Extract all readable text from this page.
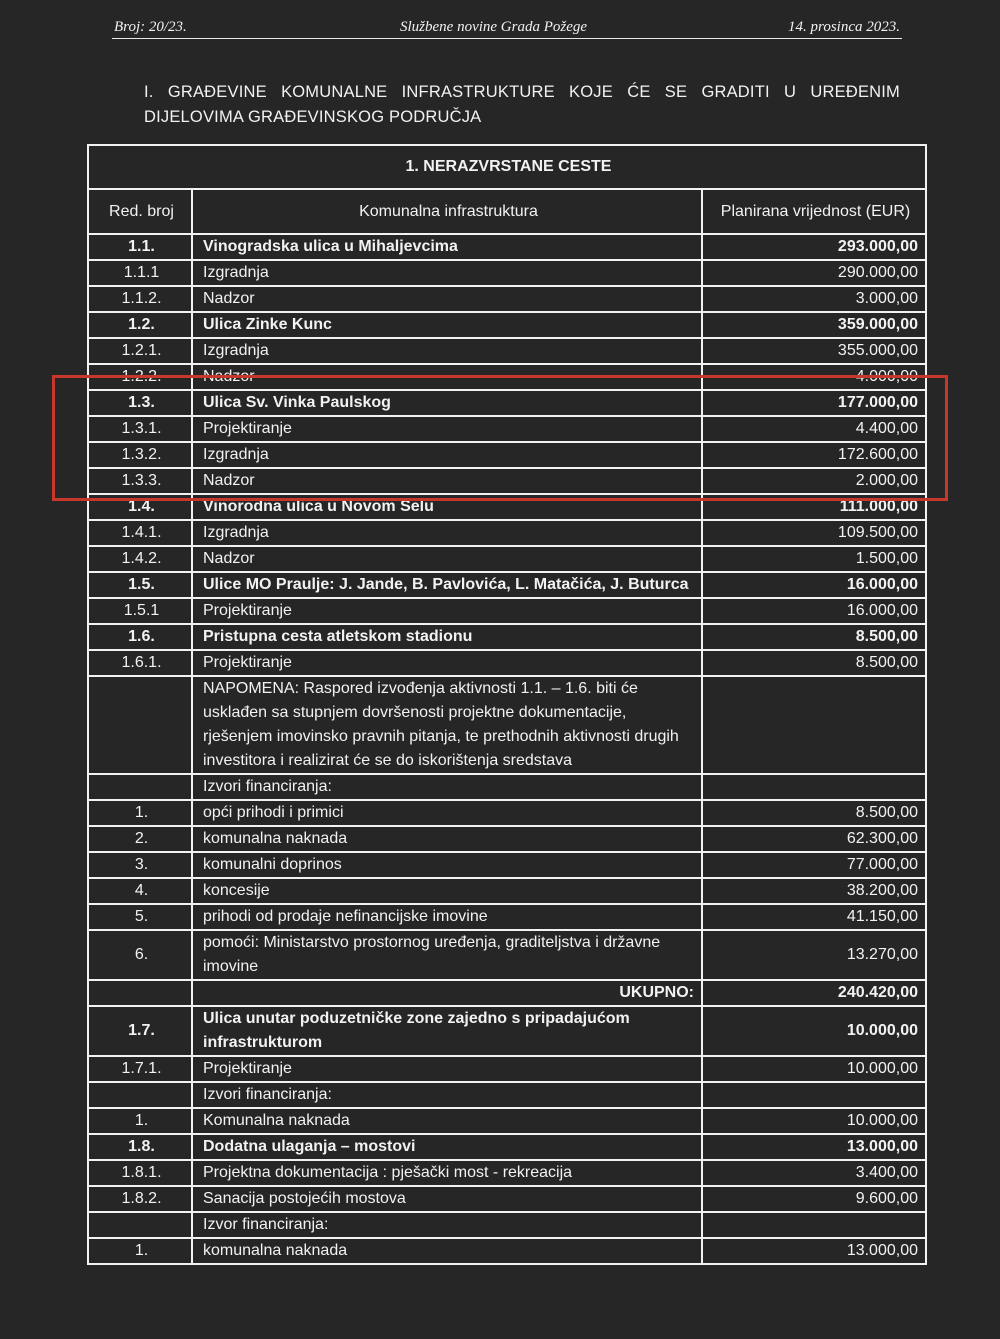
Broj: 20/23.	Službene novine Grada Požege	14. prosinca 2023.
I. GRAĐEVINE KOMUNALNE INFRASTRUKTURE KOJE ĆE SE GRADITI U UREĐENIM DIJELOVIMA GRAĐEVINSKOG PODRUČJA
1. NERAZVRSTANE CESTE		
Red. broj	Komunalna infrastruktura	Planirana vrijednost (EUR)
1.1.	Vinogradska ulica u Mihaljevcima	293.000,00
1.1.1	Izgradnja	290.000,00
1.1.2.	Nadzor	3.000,00
1.2.	Ulica Zinke Kunc	359.000,00
1.2.1.	Izgradnja	355.000,00
1.2.2.	Nadzor	4.000,00
1.3.	Ulica Sv. Vinka Paulskog	177.000,00
1.3.1.	Projektiranje	4.400,00
1.3.2.	Izgradnja	172.600,00
1.3.3.	Nadzor	2.000,00
1.4.	Vinorodna ulica u Novom Selu	111.000,00
1.4.1.	Izgradnja	109.500,00
1.4.2.	Nadzor	1.500,00
1.5.	Ulice MO Praulje: J. Jande, B. Pavlovića, L. Matačića, J. Buturca	16.000,00
1.5.1	Projektiranje	16.000,00
1.6.	Pristupna cesta atletskom stadionu	8.500,00
1.6.1.	Projektiranje	8.500,00
	NAPOMENA: Raspored izvođenja aktivnosti 1.1. – 1.6. biti će usklađen sa stupnjem dovršenosti projektne dokumentacije, rješenjem imovinsko pravnih pitanja, te prethodnih aktivnosti drugih investitora i realizirat će se do iskorištenja sredstava	
	Izvori financiranja:	
1.	opći prihodi i primici	8.500,00
2.	komunalna naknada	62.300,00
3.	komunalni doprinos	77.000,00
4.	koncesije	38.200,00
5.	prihodi od prodaje nefinancijske imovine	41.150,00
6.	pomoći: Ministarstvo prostornog uređenja, graditeljstva i državne imovine	13.270,00
	UKUPNO:	240.420,00
1.7.	Ulica unutar poduzetničke zone zajedno s pripadajućom infrastrukturom	10.000,00
1.7.1.	Projektiranje	10.000,00
	Izvori financiranja:	
1.	Komunalna naknada	10.000,00
1.8.	Dodatna ulaganja – mostovi	13.000,00
1.8.1.	Projektna dokumentacija : pješački most - rekreacija	3.400,00
1.8.2.	Sanacija postojećih mostova	9.600,00
	Izvor financiranja:	
1.	komunalna naknada	13.000,00
